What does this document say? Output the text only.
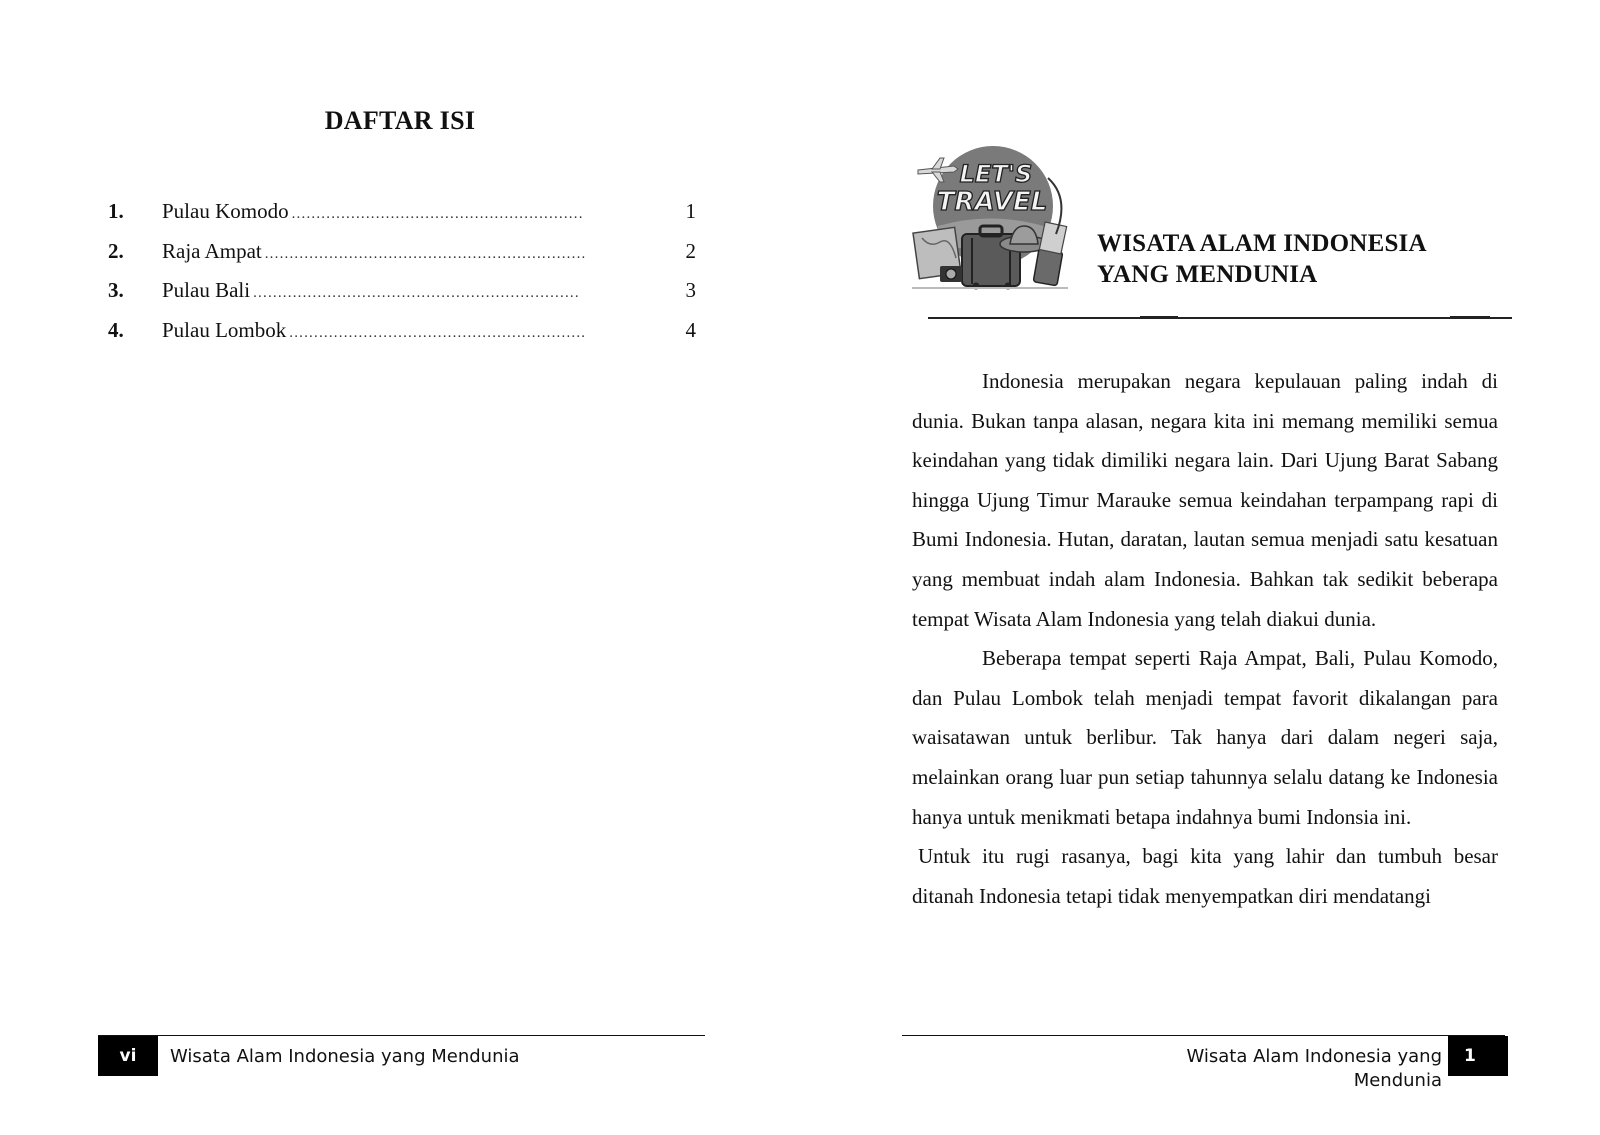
DAFTAR ISI
1. Pulau Komodo ...........................................................	1
2. Raja Ampat .................................................................	2
3. Pulau Bali ..................................................................	3
4. Pulau Lombok ............................................................	4
vi	Wisata Alam Indonesia yang Mendunia
LET'S
TRAVEL
WISATA ALAM INDONESIA
YANG MENDUNIA

Indonesia merupakan negara kepulauan paling indah di dunia. Bukan tanpa alasan, negara kita ini memang memiliki semua keindahan yang tidak dimiliki negara lain. Dari Ujung Barat Sabang hingga Ujung Timur Marauke semua keindahan terpampang rapi di Bumi Indonesia. Hutan, daratan, lautan semua menjadi satu kesatuan yang membuat indah alam Indonesia. Bahkan tak sedikit beberapa tempat Wisata Alam Indonesia yang telah diakui dunia.

Beberapa tempat seperti Raja Ampat, Bali, Pulau Komodo, dan Pulau Lombok telah menjadi tempat favorit dikalangan para waisatawan untuk berlibur. Tak hanya dari dalam negeri saja, melainkan orang luar pun setiap tahunnya selalu datang ke Indonesia hanya untuk menikmati betapa indahnya bumi Indonsia ini.

Untuk itu rugi rasanya, bagi kita yang lahir dan tumbuh besar ditanah Indonesia tetapi tidak menyempatkan diri mendatangi

Wisata Alam Indonesia yang Mendunia
1
